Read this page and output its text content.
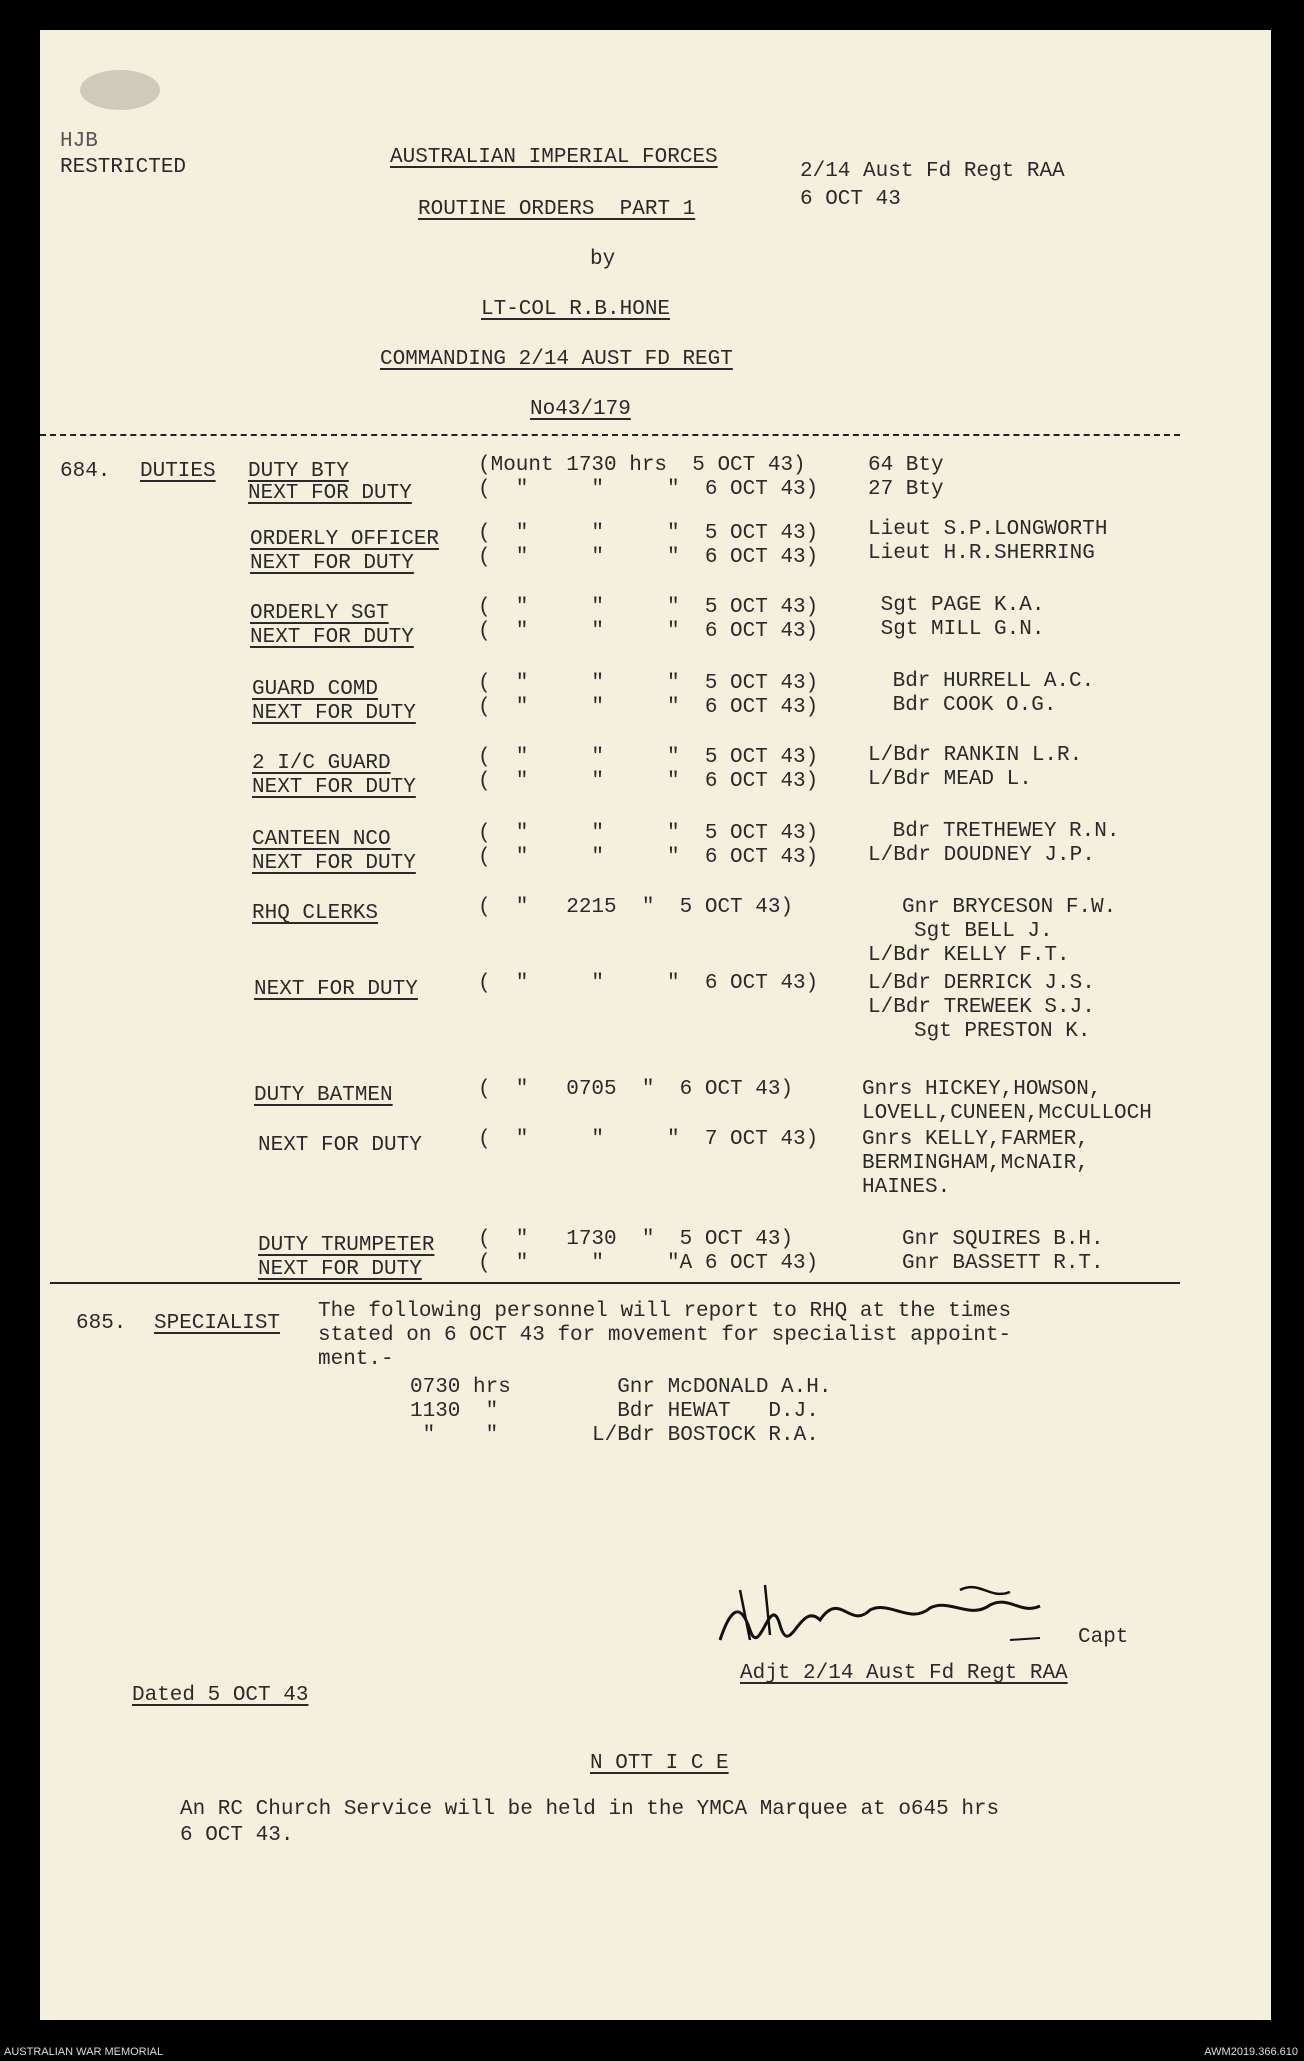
HJB
RESTRICTED	AUSTRALIAN IMPERIAL FORCES
2/14 Aust Fd Regt RAA
ROUTINE ORDERS  PART 1	6 OCT 43
by
LT-COL R.B.HONE
COMMANDING 2/14 AUST FD REGT
No43/179
684. DUTIES DUTY BTY	(Mount 1730 hrs  5 OCT 43)	64 Bty
NEXT FOR DUTY	(  "     "     "  6 OCT 43) 27 Bty
ORDERLY OFFICER (  "     "     "  5 OCT 43) Lieut S.P.LONGWORTH
NEXT FOR DUTY	(  "     "     "  6 OCT 43) Lieut H.R.SHERRING
ORDERLY SGT	(  "     "     "  5 OCT 43) Sgt PAGE K.A.
NEXT FOR DUTY	(  "     "     "  6 OCT 43) Sgt MILL G.N.
GUARD COMD	(  "     "     "  5 OCT 43)	Bdr HURRELL A.C.
NEXT FOR DUTY	(  "     "     "  6 OCT 43)	Bdr COOK O.G.
2 I/C GUARD	(  "     "     "  5 OCT 43) L/Bdr RANKIN L.R.
NEXT FOR DUTY	(  "     "     "  6 OCT 43) L/Bdr MEAD L.
CANTEEN NCO	(  "     "     "  5 OCT 43)	Bdr TRETHEWEY R.N.
NEXT FOR DUTY	(  "     "     "  6 OCT 43) L/Bdr DOUDNEY J.P.
RHQ CLERKS	(  "   2215  "  5 OCT 43)	Gnr BRYCESON F.W.
Sgt BELL J.
L/Bdr KELLY F.T.
NEXT FOR DUTY	(  "     "     "  6 OCT 43) L/Bdr DERRICK J.S.
L/Bdr TREWEEK S.J.
Sgt PRESTON K.
DUTY BATMEN	(  "   0705  "  6 OCT 43)	Gnrs HICKEY,HOWSON,
LOVELL,CUNEEN,McCULLOCH
NEXT FOR DUTY	(  "     "     "  7 OCT 43) Gnrs KELLY,FARMER,
BERMINGHAM,McNAIR,
HAINES.
DUTY TRUMPETER (  "   1730  "  5 OCT 43)	Gnr SQUIRES B.H.
NEXT FOR DUTY	(  "     "     "A 6 OCT 43)	Gnr BASSETT R.T.
685. SPECIALIST
The following personnel will report to RHQ at the times
stated on 6 OCT 43 for movement for specialist appoint-
ment.-
0730 hrs	Gnr McDONALD A.H.
1130  "	Bdr HEWAT   D.J.
"    "	L/Bdr BOSTOCK R.A.
Capt
Adjt 2/14 Aust Fd Regt RAA
Dated 5 OCT 43
N OTT I C E
An RC Church Service will be held in the YMCA Marquee at o645 hrs
6 OCT 43.
AUSTRALIAN WAR MEMORIAL	AWM2019.366.610
